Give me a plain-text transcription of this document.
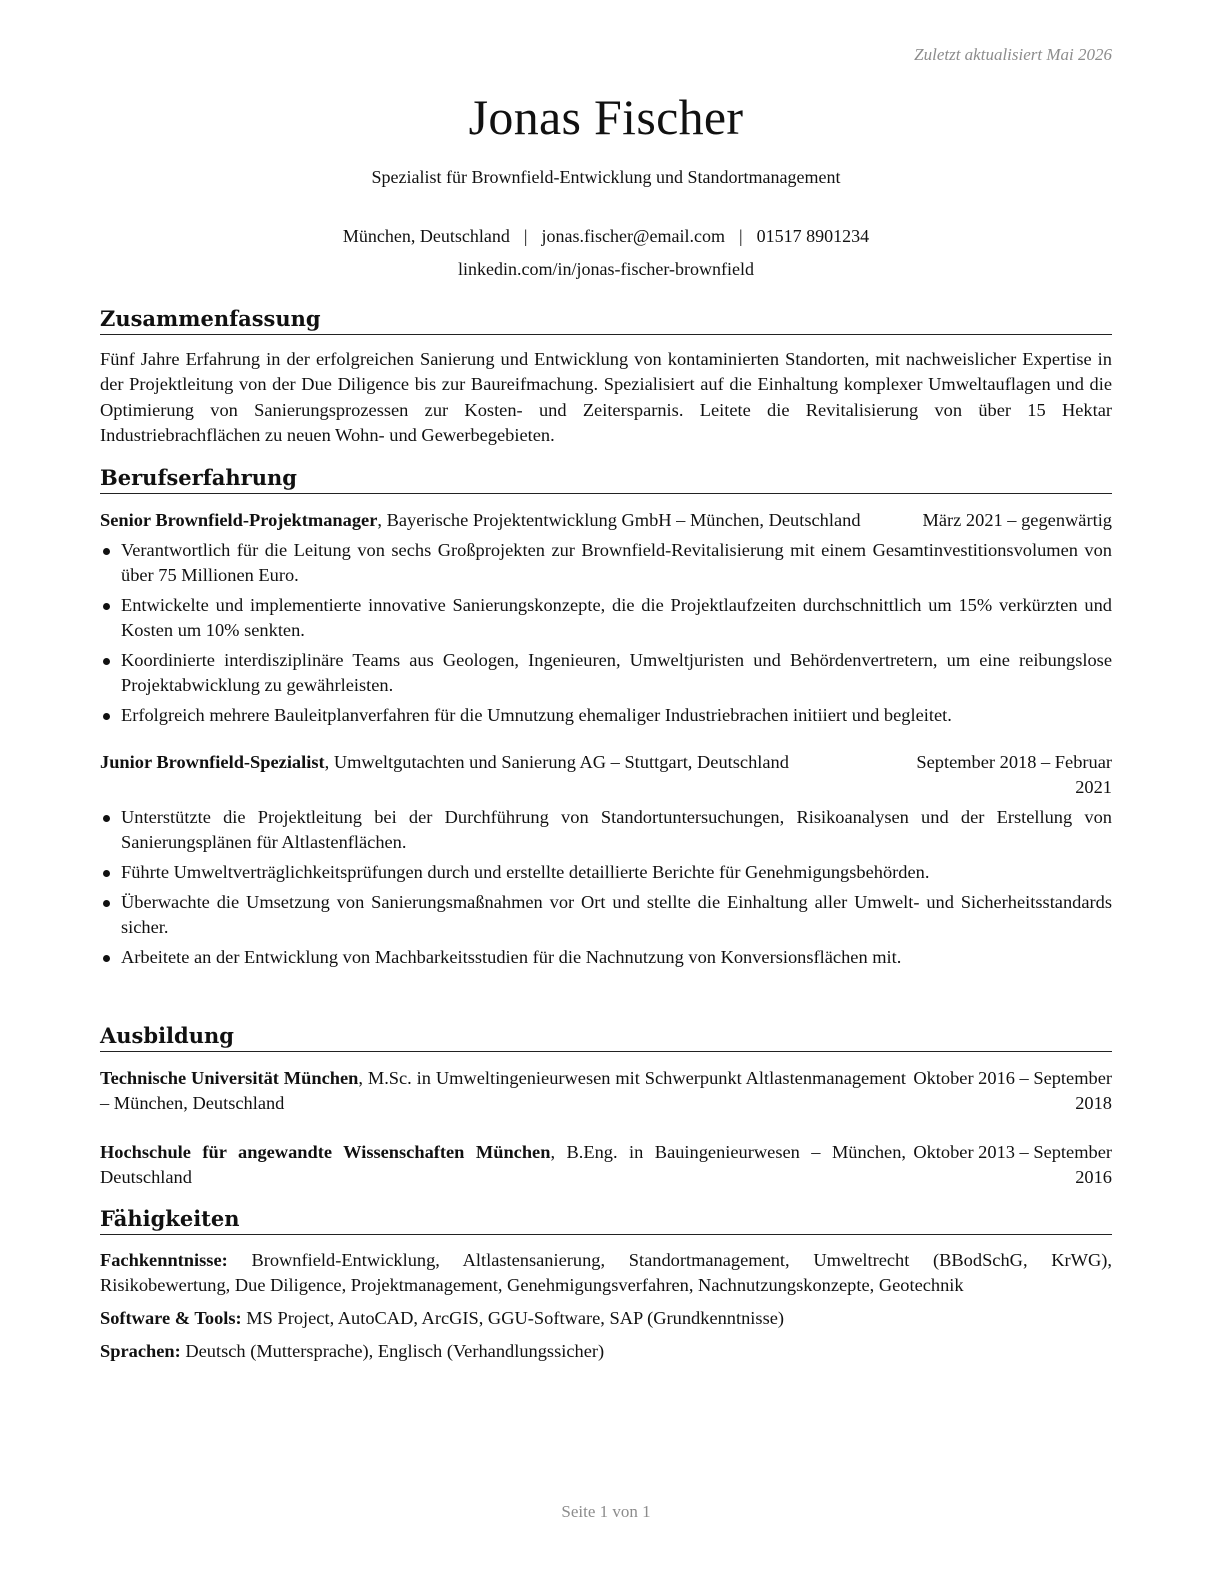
Zuletzt aktualisiert Mai 2026
Jonas Fischer
Spezialist für Brownfield-Entwicklung und Standortmanagement
München, Deutschland | jonas.fischer@email.com | 01517 8901234
linkedin.com/in/jonas-fischer-brownfield
Zusammenfassung

Fünf Jahre Erfahrung in der erfolgreichen Sanierung und Entwicklung von kontaminierten Standorten, mit nachweislicher Expertise in der Projektleitung von der Due Diligence bis zur Baureifmachung. Spezialisiert auf die Einhaltung komplexer Umweltauflagen und die Optimierung von Sanierungsprozessen zur Kosten- und Zeitersparnis. Leitete die Revitalisierung von über 15 Hektar Industriebrachflächen zu neuen Wohn- und Gewerbegebieten.

Berufserfahrung
Senior Brownfield-Projektmanager, Bayerische Projektentwicklung GmbH – München, Deutschland	März 2021 – gegenwärtig
Verantwortlich für die Leitung von sechs Großprojekten zur Brownfield-Revitalisierung mit einem Gesamtinvestitionsvolumen von über 75 Millionen Euro.
Entwickelte und implementierte innovative Sanierungskonzepte, die die Projektlaufzeiten durchschnittlich um 15% verkürzten und Kosten um 10% senkten.
Koordinierte interdisziplinäre Teams aus Geologen, Ingenieuren, Umweltjuristen und Behördenvertretern, um eine reibungslose Projektabwicklung zu gewährleisten.
Erfolgreich mehrere Bauleitplanverfahren für die Umnutzung ehemaliger Industriebrachen initiiert und begleitet.
Junior Brownfield-Spezialist, Umweltgutachten und Sanierung AG – Stuttgart, Deutschland	September 2018 – Februar 2021
Unterstützte die Projektleitung bei der Durchführung von Standortuntersuchungen, Risikoanalysen und der Erstellung von Sanierungsplänen für Altlastenflächen.
Führte Umweltverträglichkeitsprüfungen durch und erstellte detaillierte Berichte für Genehmigungsbehörden.
Überwachte die Umsetzung von Sanierungsmaßnahmen vor Ort und stellte die Einhaltung aller Umwelt- und Sicherheitsstandards sicher.
Arbeitete an der Entwicklung von Machbarkeitsstudien für die Nachnutzung von Konversionsflächen mit.
Ausbildung
Technische Universität München, M.Sc. in Umweltingenieurwesen mit Schwerpunkt Altlastenmanagement – München, Deutschland
Oktober 2016 – September 2018
Hochschule für angewandte Wissenschaften München, B.Eng. in Bauingenieurwesen – München, Deutschland
Oktober 2013 – September 2016
Fähigkeiten
Fachkenntnisse: Brownfield-Entwicklung, Altlastensanierung, Standortmanagement, Umweltrecht (BBodSchG, KrWG), Risikobewertung, Due Diligence, Projektmanagement, Genehmigungsverfahren, Nachnutzungskonzepte, Geotechnik
Software & Tools: MS Project, AutoCAD, ArcGIS, GGU-Software, SAP (Grundkenntnisse)
Sprachen: Deutsch (Muttersprache), Englisch (Verhandlungssicher)
Seite 1 von 1
